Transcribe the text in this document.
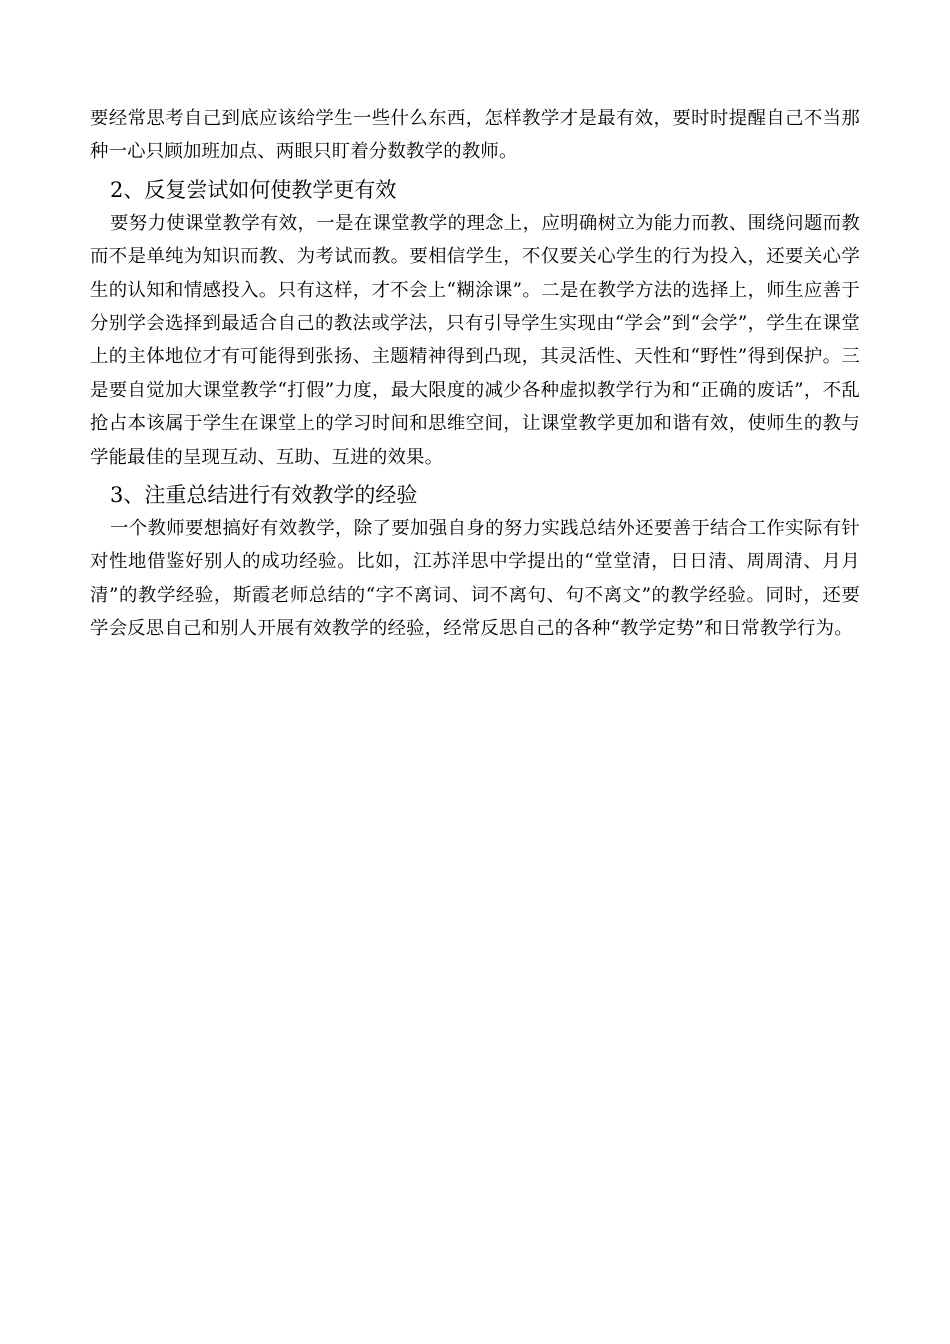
要经常思考自己到底应该给学生一些什么东西，怎样教学才是最有效，要时时提醒自己不当那种一心只顾加班加点、两眼只盯着分数教学的教师。

2、反复尝试如何使教学更有效

要努力使课堂教学有效，一是在课堂教学的理念上，应明确树立为能力而教、围绕问题而教而不是单纯为知识而教、为考试而教。要相信学生，不仅要关心学生的行为投入，还要关心学生的认知和情感投入。只有这样，才不会上“糊涂课”。二是在教学方法的选择上，师生应善于分别学会选择到最适合自己的教法或学法，只有引导学生实现由“学会”到“会学”，学生在课堂上的主体地位才有可能得到张扬、主题精神得到凸现，其灵活性、天性和“野性”得到保护。三是要自觉加大课堂教学“打假”力度，最大限度的减少各种虚拟教学行为和“正确的废话”，不乱抢占本该属于学生在课堂上的学习时间和思维空间，让课堂教学更加和谐有效，使师生的教与学能最佳的呈现互动、互助、互进的效果。

3、注重总结进行有效教学的经验

一个教师要想搞好有效教学，除了要加强自身的努力实践总结外还要善于结合工作实际有针对性地借鉴好别人的成功经验。比如，江苏洋思中学提出的“堂堂清，日日清、周周清、月月清”的教学经验，斯霞老师总结的“字不离词、词不离句、句不离文”的教学经验。同时，还要学会反思自己和别人开展有效教学的经验，经常反思自己的各种“教学定势”和日常教学行为。
